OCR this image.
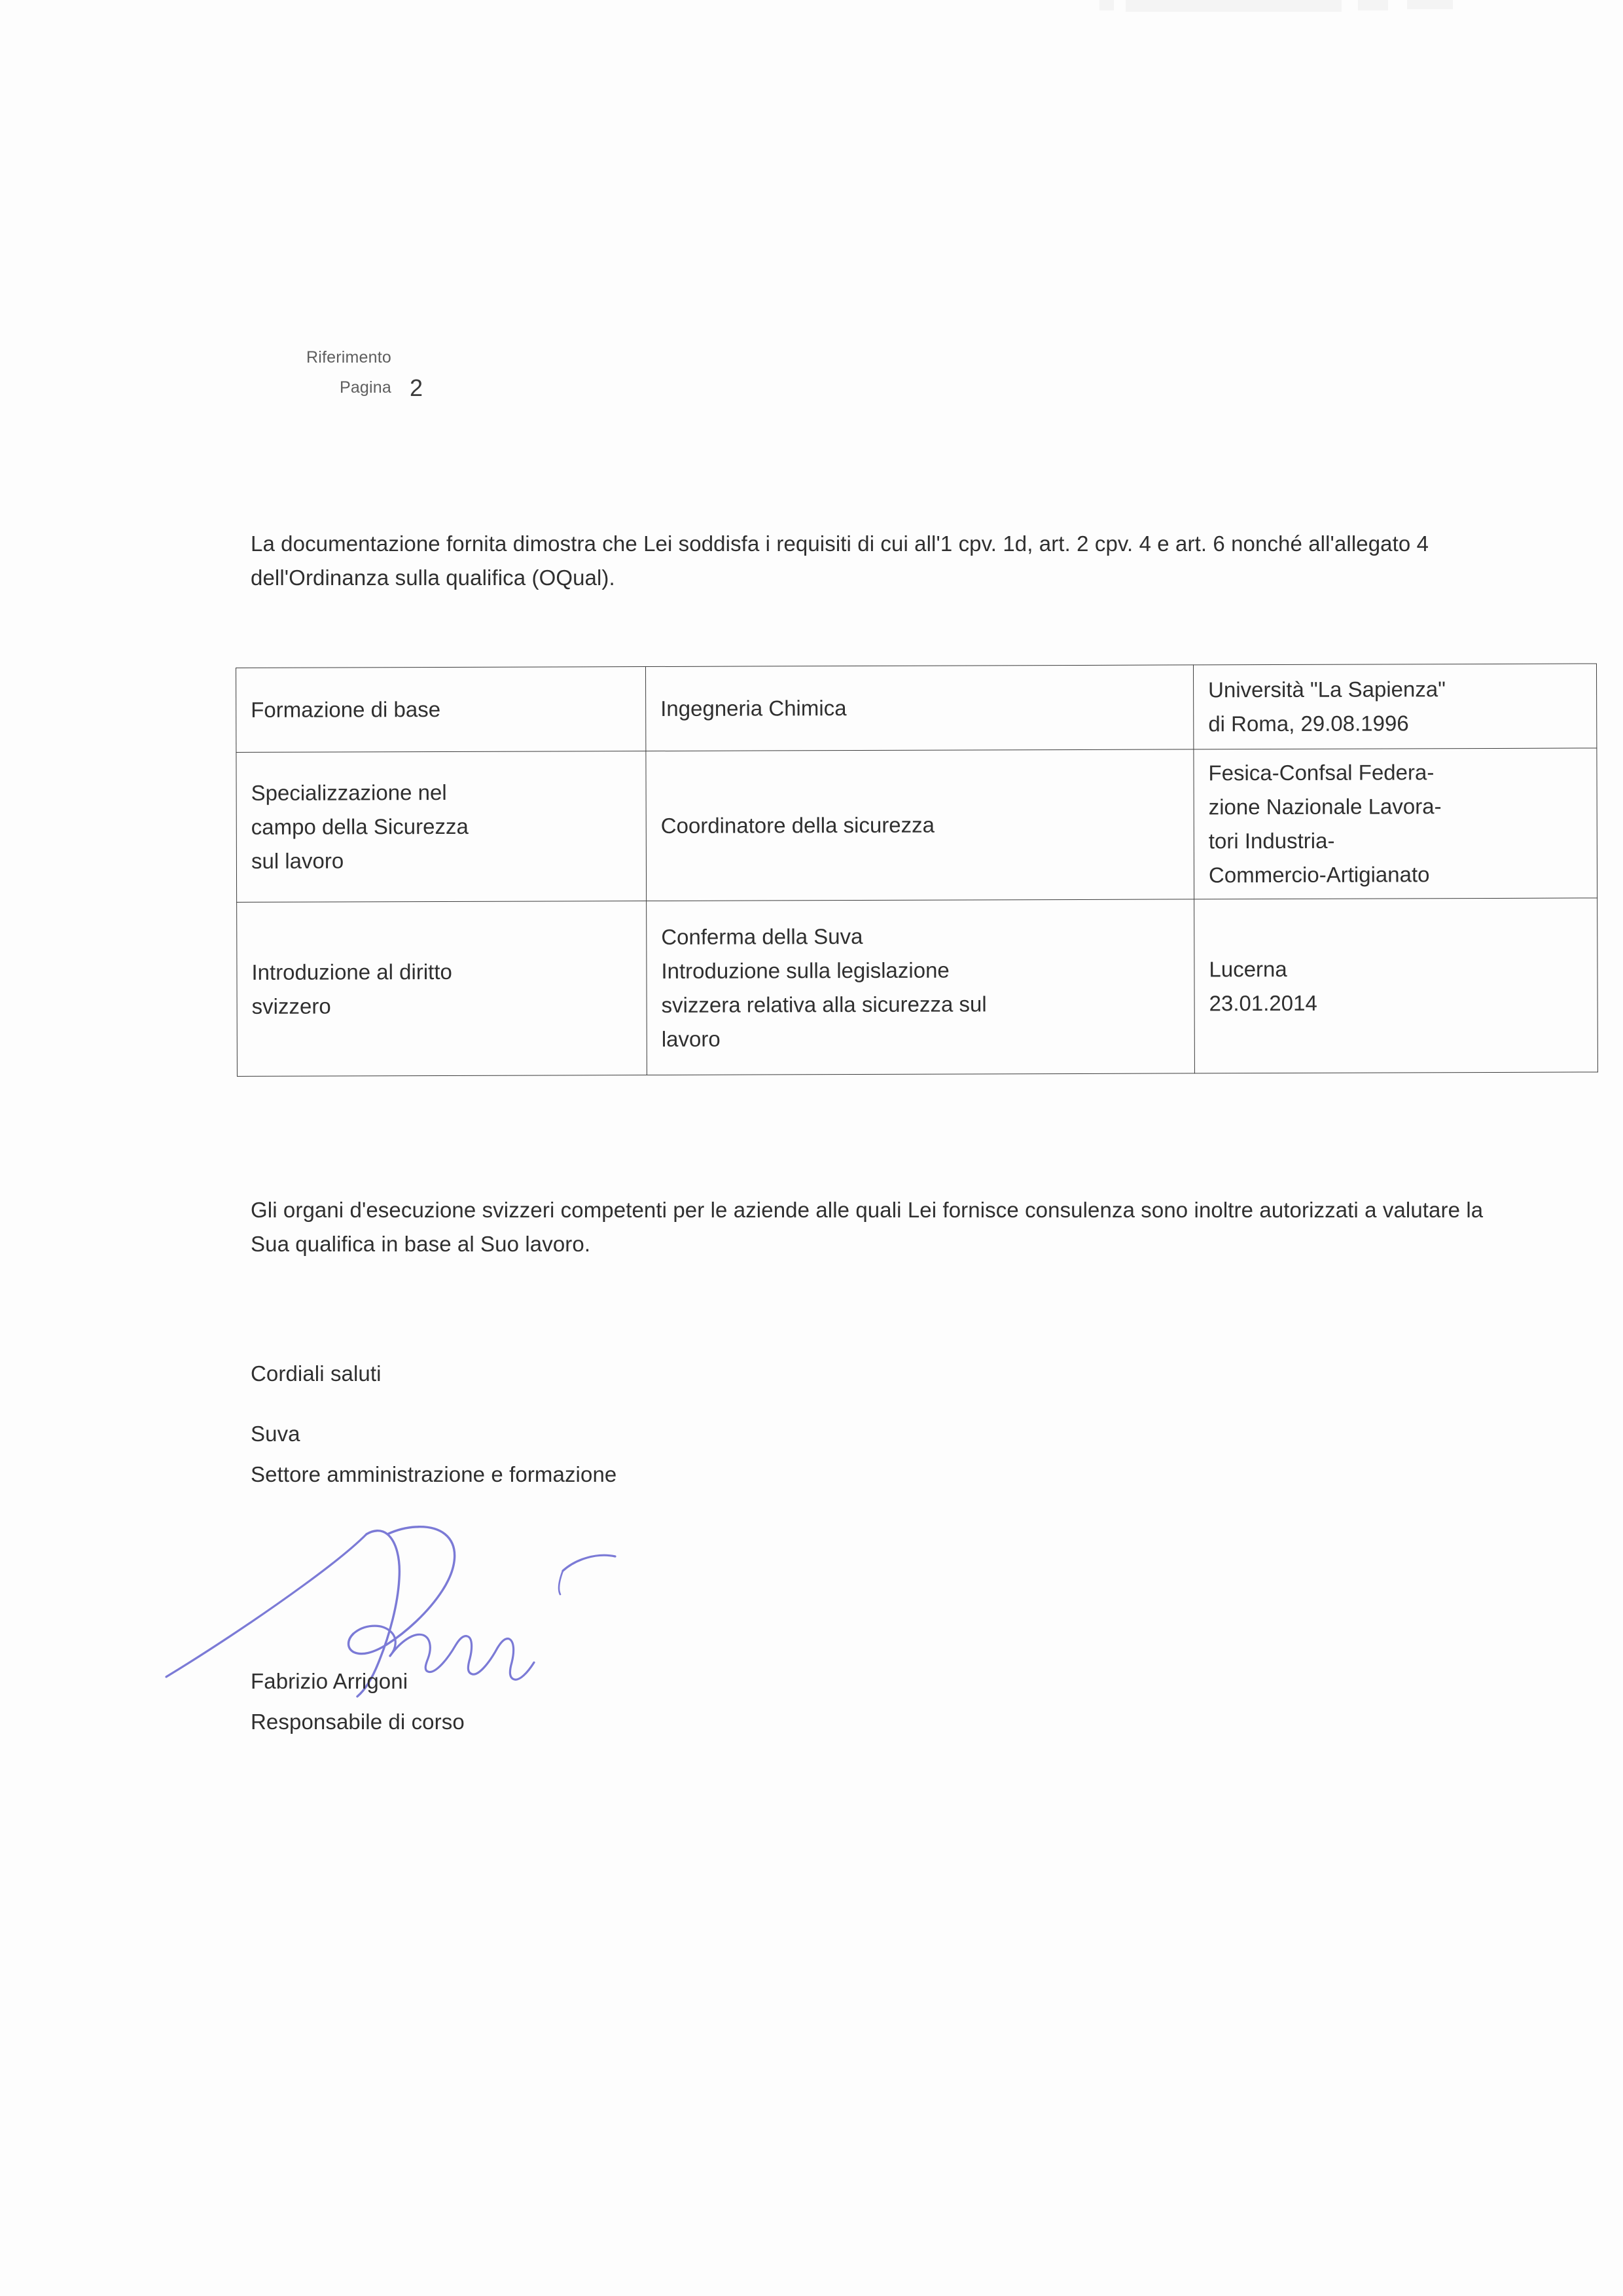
Riferimento
Pagina 2

La documentazione fornita dimostra che Lei soddisfa i requisiti di cui all'1 cpv. 1d, art. 2 cpv. 4 e art. 6 nonché all'allegato 4 dell'Ordinanza sulla qualifica (OQual).

Formazione di base	Ingegneria Chimica	Università "La Sapienza"
di Roma, 29.08.1996

Specializzazione nel
campo della Sicurezza
sul lavoro	Coordinatore della sicurezza	Fesica-Confsal Federa-
zione Nazionale Lavora-
tori Industria-
Commercio-Artigianato

Introduzione al diritto
svizzero	Conferma della Suva
Introduzione sulla legislazione
svizzera relativa alla sicurezza sul
lavoro	Lucerna
23.01.2014

Gli organi d'esecuzione svizzeri competenti per le aziende alle quali Lei fornisce consulenza sono inoltre autorizzati a valutare la Sua qualifica in base al Suo lavoro.

Cordiali saluti

Suva
Settore amministrazione e formazione
Fabrizio Arrigoni
Responsabile di corso
